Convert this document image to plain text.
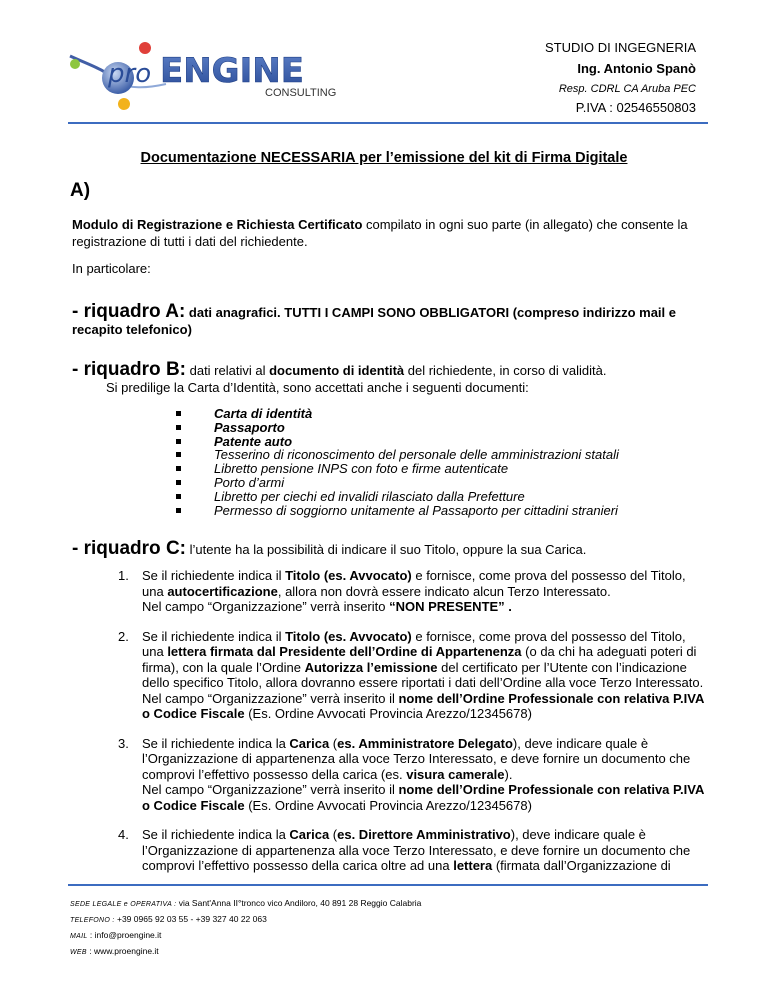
pro ENGINE
CONSULTING
STUDIO DI INGEGNERIA
Ing. Antonio Spanò
Resp. CDRL CA Aruba PEC
P.IVA : 02546550803
Documentazione NECESSARIA per l’emissione del kit di Firma Digitale
A)
Modulo di Registrazione e Richiesta Certificato compilato in ogni suo parte (in allegato) che consente la registrazione di tutti i dati del richiedente.
In particolare:
- riquadro A: dati anagrafici. TUTTI I CAMPI SONO OBBLIGATORI (compreso indirizzo mail e recapito telefonico)
- riquadro B: dati relativi al documento di identità del richiedente, in corso di validità.
Si predilige la Carta d’Identità, sono accettati anche i seguenti documenti:
Carta di identità
Passaporto
Patente auto
Tesserino di riconoscimento del personale delle amministrazioni statali
Libretto pensione INPS con foto e firme autenticate
Porto d’armi
Libretto per ciechi ed invalidi rilasciato dalla Prefetture
Permesso di soggiorno unitamente al Passaporto per cittadini stranieri
- riquadro C: l’utente ha la possibilità di indicare il suo Titolo, oppure la sua Carica.
1. Se il richiedente indica il Titolo (es. Avvocato) e fornisce, come prova del possesso del Titolo, una autocertificazione, allora non dovrà essere indicato alcun Terzo Interessato.
Nel campo “Organizzazione” verrà inserito “NON PRESENTE” .
2. Se il richiedente indica il Titolo (es. Avvocato) e fornisce, come prova del possesso del Titolo, una lettera firmata dal Presidente dell’Ordine di Appartenenza (o da chi ha adeguati poteri di firma), con la quale l’Ordine Autorizza l’emissione del certificato per l’Utente con l’indicazione dello specifico Titolo, allora dovranno essere riportati i dati dell’Ordine alla voce Terzo Interessato.
Nel campo “Organizzazione” verrà inserito il nome dell’Ordine Professionale con relativa P.IVA o Codice Fiscale (Es. Ordine Avvocati Provincia Arezzo/12345678)
3. Se il richiedente indica la Carica (es. Amministratore Delegato), deve indicare quale è l’Organizzazione di appartenenza alla voce Terzo Interessato, e deve fornire un documento che comprovi l’effettivo possesso della carica (es. visura camerale).
Nel campo “Organizzazione” verrà inserito il nome dell’Ordine Professionale con relativa P.IVA o Codice Fiscale (Es. Ordine Avvocati Provincia Arezzo/12345678)
4. Se il richiedente indica la Carica (es. Direttore Amministrativo), deve indicare quale è l’Organizzazione di appartenenza alla voce Terzo Interessato, e deve fornire un documento che comprovi l’effettivo possesso della carica oltre ad una lettera (firmata dall’Organizzazione di
SEDE LEGALE e OPERATIVA : via Sant'Anna II°tronco vico Andiloro, 40 891 28 Reggio Calabria
TELEFONO : +39 0965 92 03 55 - +39 327 40 22 063
MAIL : info@proengine.it
WEB : www.proengine.it
